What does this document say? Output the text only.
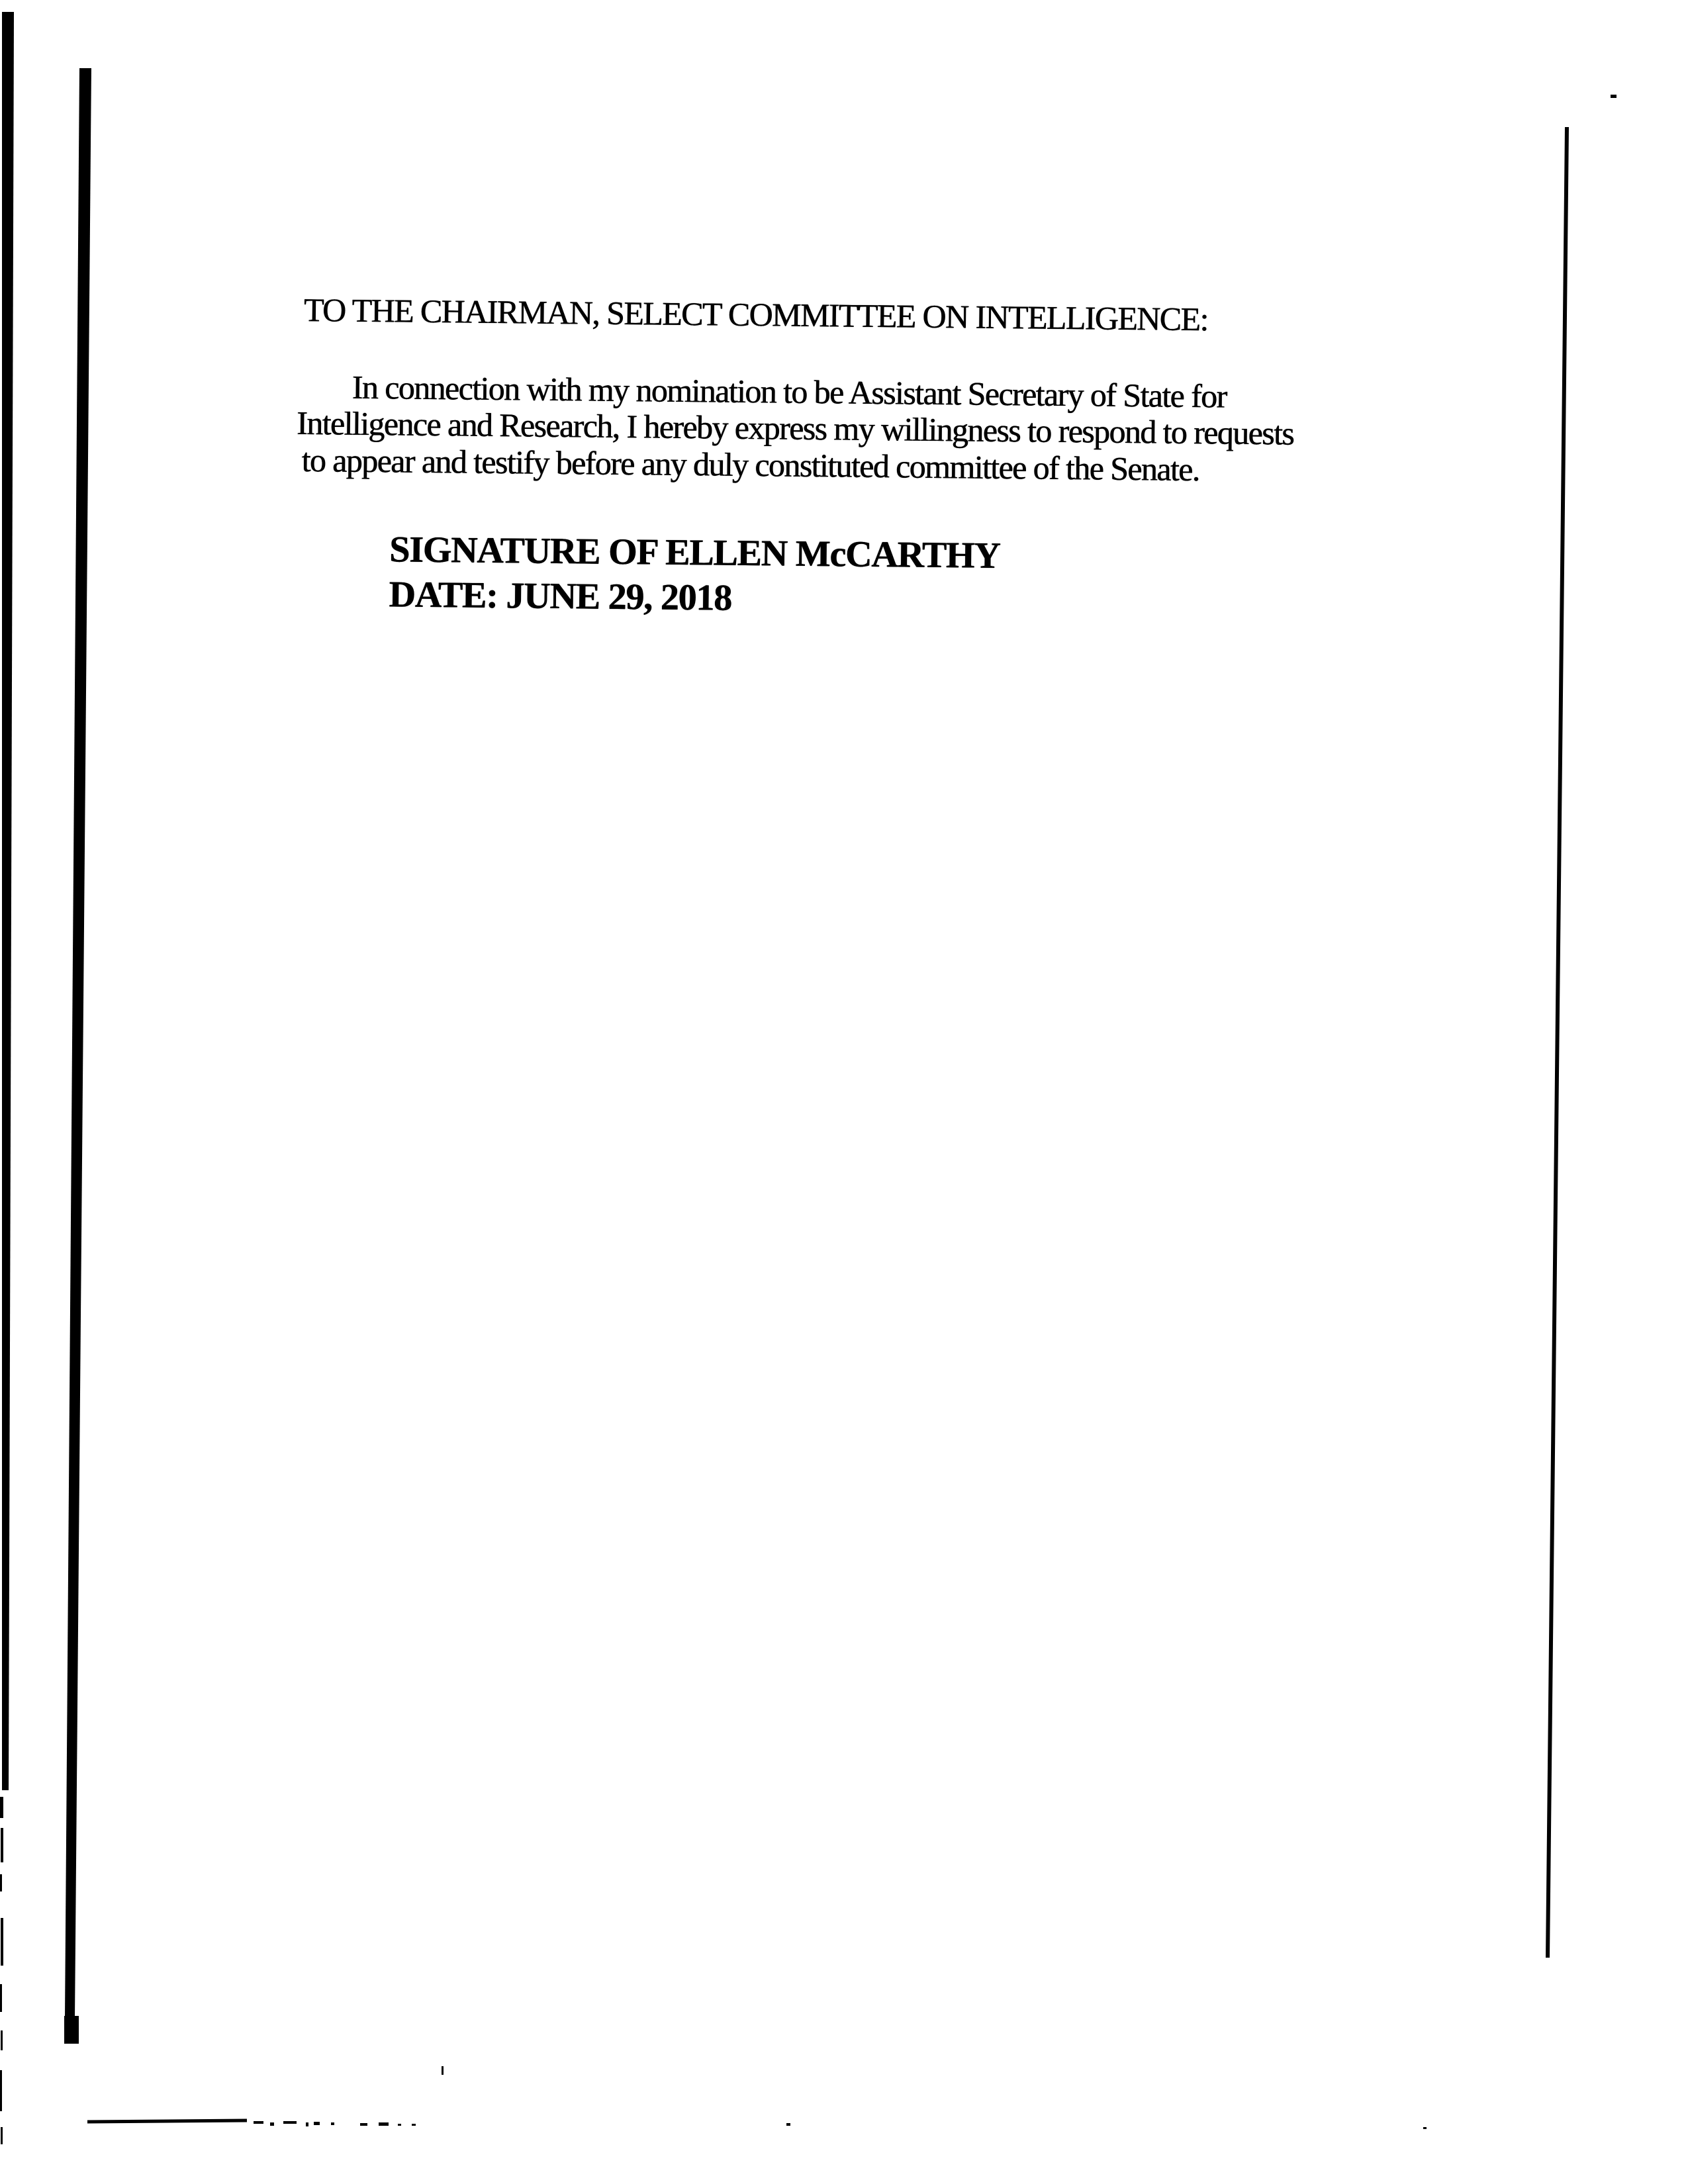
TO THE CHAIRMAN, SELECT COMMITTEE ON INTELLIGENCE:
In connection with my nomination to be Assistant Secretary of State for
Intelligence and Research, I hereby express my willingness to respond to requests
to appear and testify before any duly constituted committee of the Senate.
SIGNATURE OF ELLEN McCARTHY
DATE: JUNE 29, 2018
